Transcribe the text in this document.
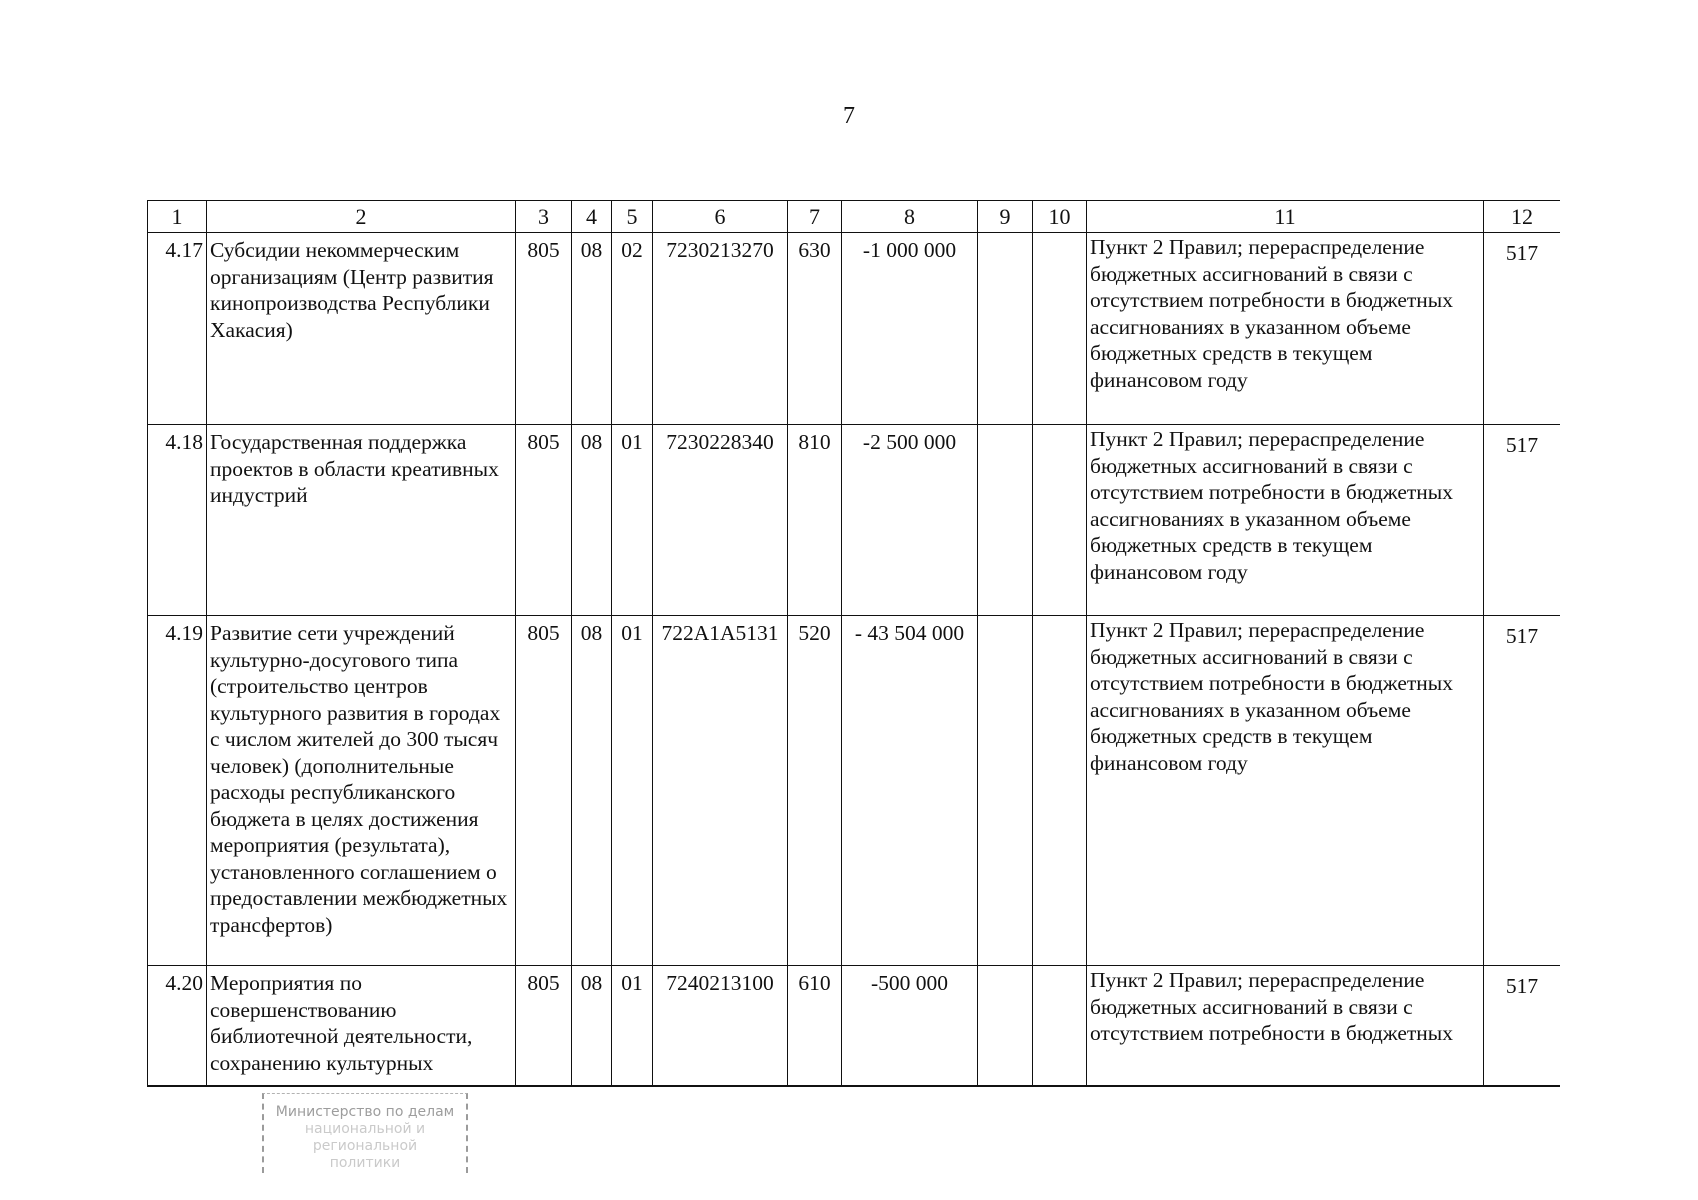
7
1	2	3	4	5	6	7	8	9	10	11	12
4.17	Субсидии некоммерческим организациям (Центр развития кинопроизводства Республики Хакасия)	805	08	02	7230213270	630	-1 000 000			Пункт 2 Правил; перераспределение бюджетных ассигнований в связи с отсутствием потребности в бюджетных ассигнованиях в указанном объеме бюджетных средств в текущем финансовом году	517
4.18	Государственная поддержка проектов в области креативных индустрий	805	08	01	7230228340	810	-2 500 000			Пункт 2 Правил; перераспределение бюджетных ассигнований в связи с отсутствием потребности в бюджетных ассигнованиях в указанном объеме бюджетных средств в текущем финансовом году	517
4.19	Развитие сети учреждений культурно-досугового типа (строительство центров культурного развития в городах с числом жителей до 300 тысяч человек) (дополнительные расходы республиканского бюджета в целях достижения мероприятия (результата), установленного соглашением о предоставлении межбюджетных трансфертов)	805	08	01	722A1A5131	520	- 43 504 000			Пункт 2 Правил; перераспределение бюджетных ассигнований в связи с отсутствием потребности в бюджетных ассигнованиях в указанном объеме бюджетных средств в текущем финансовом году	517
4.20	Мероприятия по совершенствованию библиотечной деятельности, сохранению культурных	805	08	01	7240213100	610	-500 000			Пункт 2 Правил; перераспределение бюджетных ассигнований в связи с отсутствием потребности в бюджетных	517
Министерство по делам
национальной и региональной
политики
